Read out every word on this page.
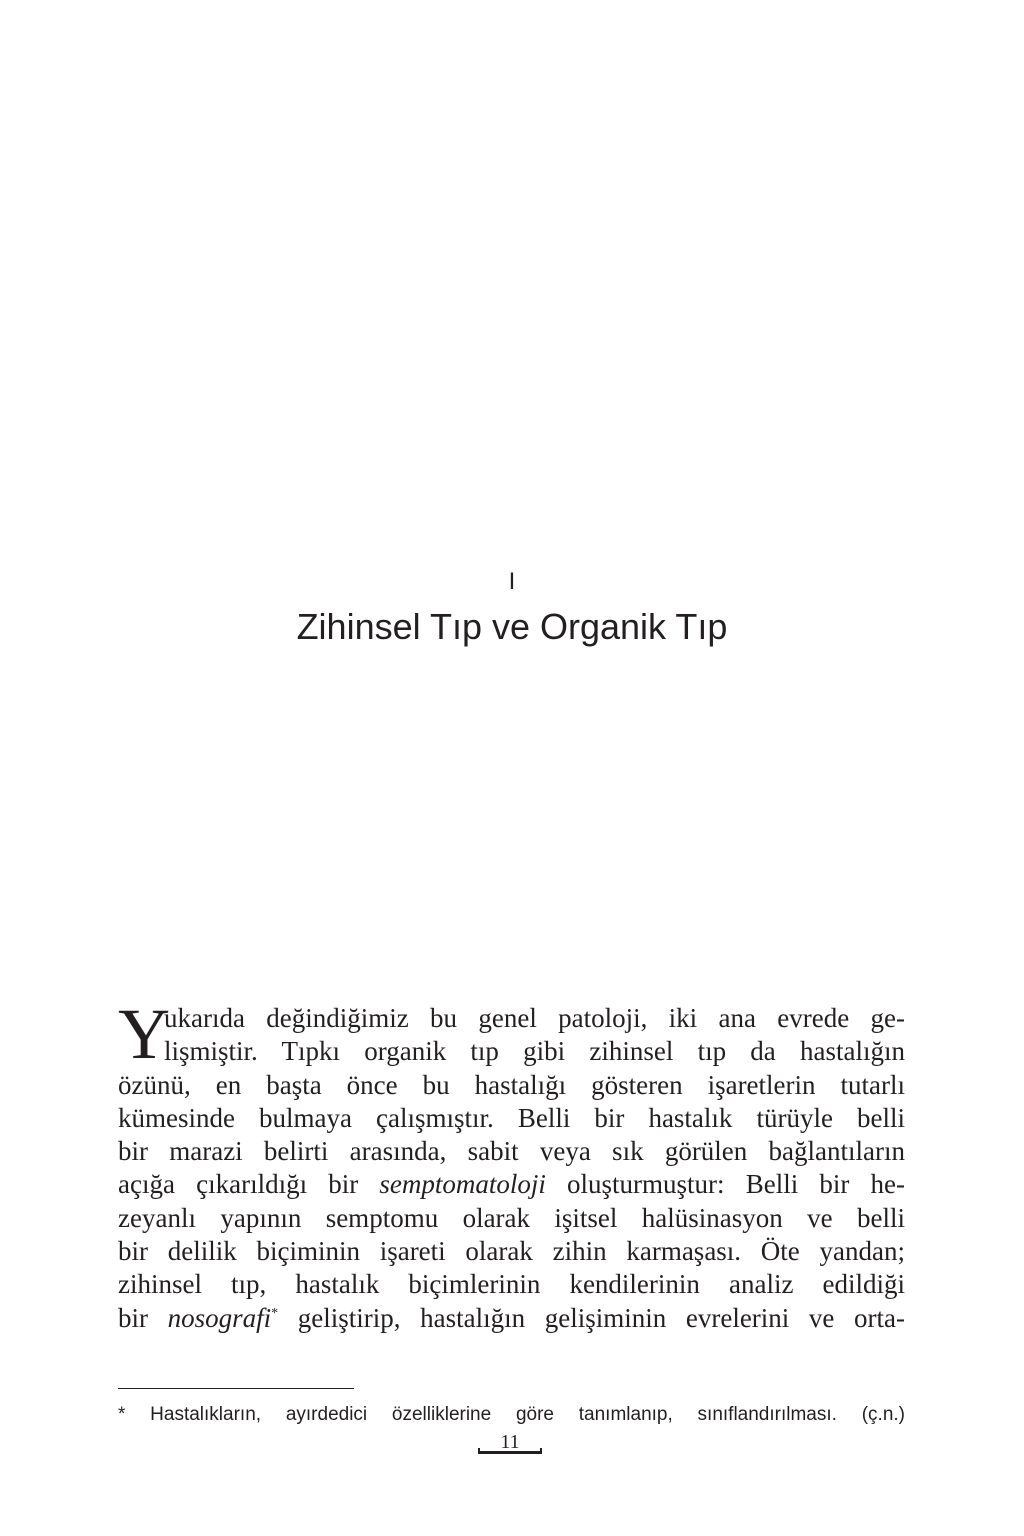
I
Zihinsel Tıp ve Organik Tıp
Y
ukarıda değindiğimiz bu genel patoloji, iki ana evrede ge-
lişmiştir. Tıpkı organik tıp gibi zihinsel tıp da hastalığın
özünü, en başta önce bu hastalığı gösteren işaretlerin tutarlı
kümesinde bulmaya çalışmıştır. Belli bir hastalık türüyle belli
bir marazi belirti arasında, sabit veya sık görülen bağlantıların
açığa çıkarıldığı bir semptomatoloji oluşturmuştur: Belli bir he-
zeyanlı yapının semptomu olarak işitsel halüsinasyon ve belli
bir delilik biçiminin işareti olarak zihin karmaşası. Öte yandan;
zihinsel tıp, hastalık biçimlerinin kendilerinin analiz edildiği
bir nosografi* geliştirip, hastalığın gelişiminin evrelerini ve orta-
* Hastalıkların, ayırdedici özelliklerine göre tanımlanıp, sınıflandırılması. (ç.n.)
11
